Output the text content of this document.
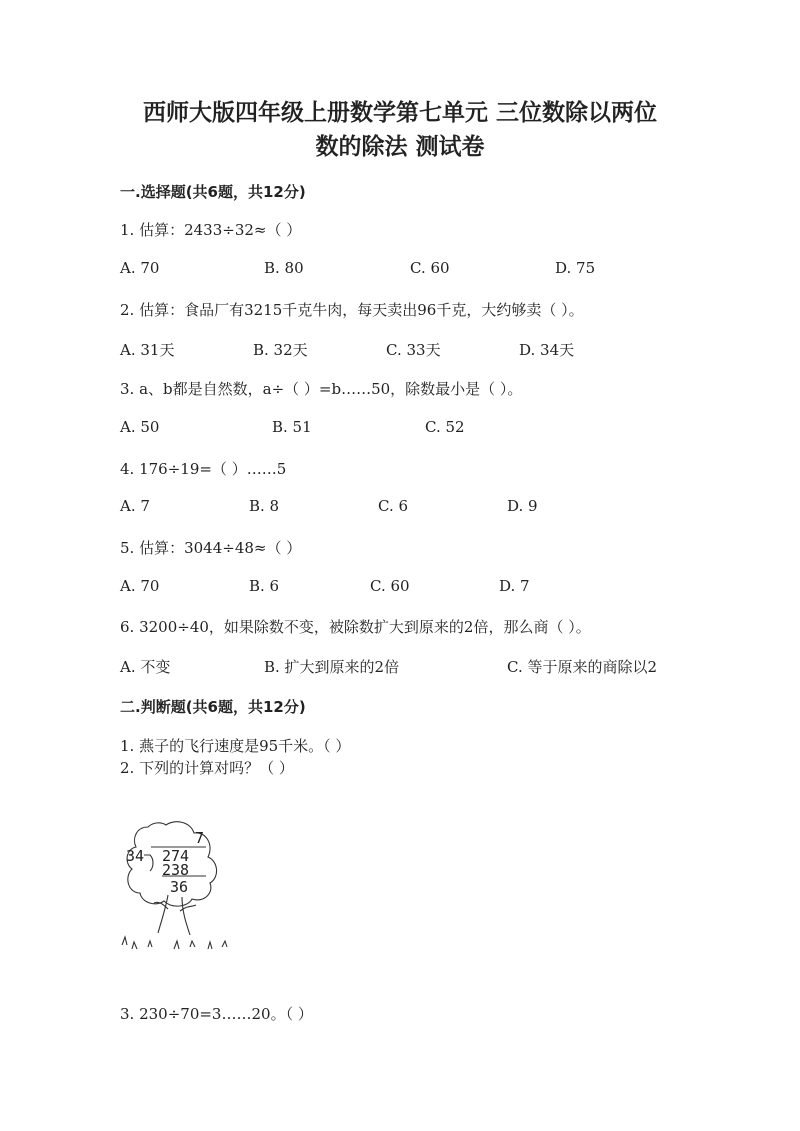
西师大版四年级上册数学第七单元 三位数除以两位
数的除法 测试卷
一.选择题(共6题，共12分)
1. 估算：2433÷32≈（ ）
A. 70	B. 80	C. 60	D. 75
2. 估算：食品厂有3215千克牛肉，每天卖出96千克，大约够卖（ ）。
A. 31天	B. 32天	C. 33天	D. 34天
3. a、b都是自然数，a÷（ ）=b……50，除数最小是（ ）。
A. 50	B. 51	C. 52
4. 176÷19=（ ）……5
A. 7	B. 8	C. 6	D. 9
5. 估算：3044÷48≈（ ）
A. 70	B. 6	C. 60	D. 7
6. 3200÷40，如果除数不变，被除数扩大到原来的2倍，那么商（ ）。
A. 不变	B. 扩大到原来的2倍	C. 等于原来的商除以2
二.判断题(共6题，共12分)
1. 燕子的飞行速度是95千米。（ ）
2. 下列的计算对吗？（ ）
7
34 274
238
36
3. 230÷70=3……20。（ ）
